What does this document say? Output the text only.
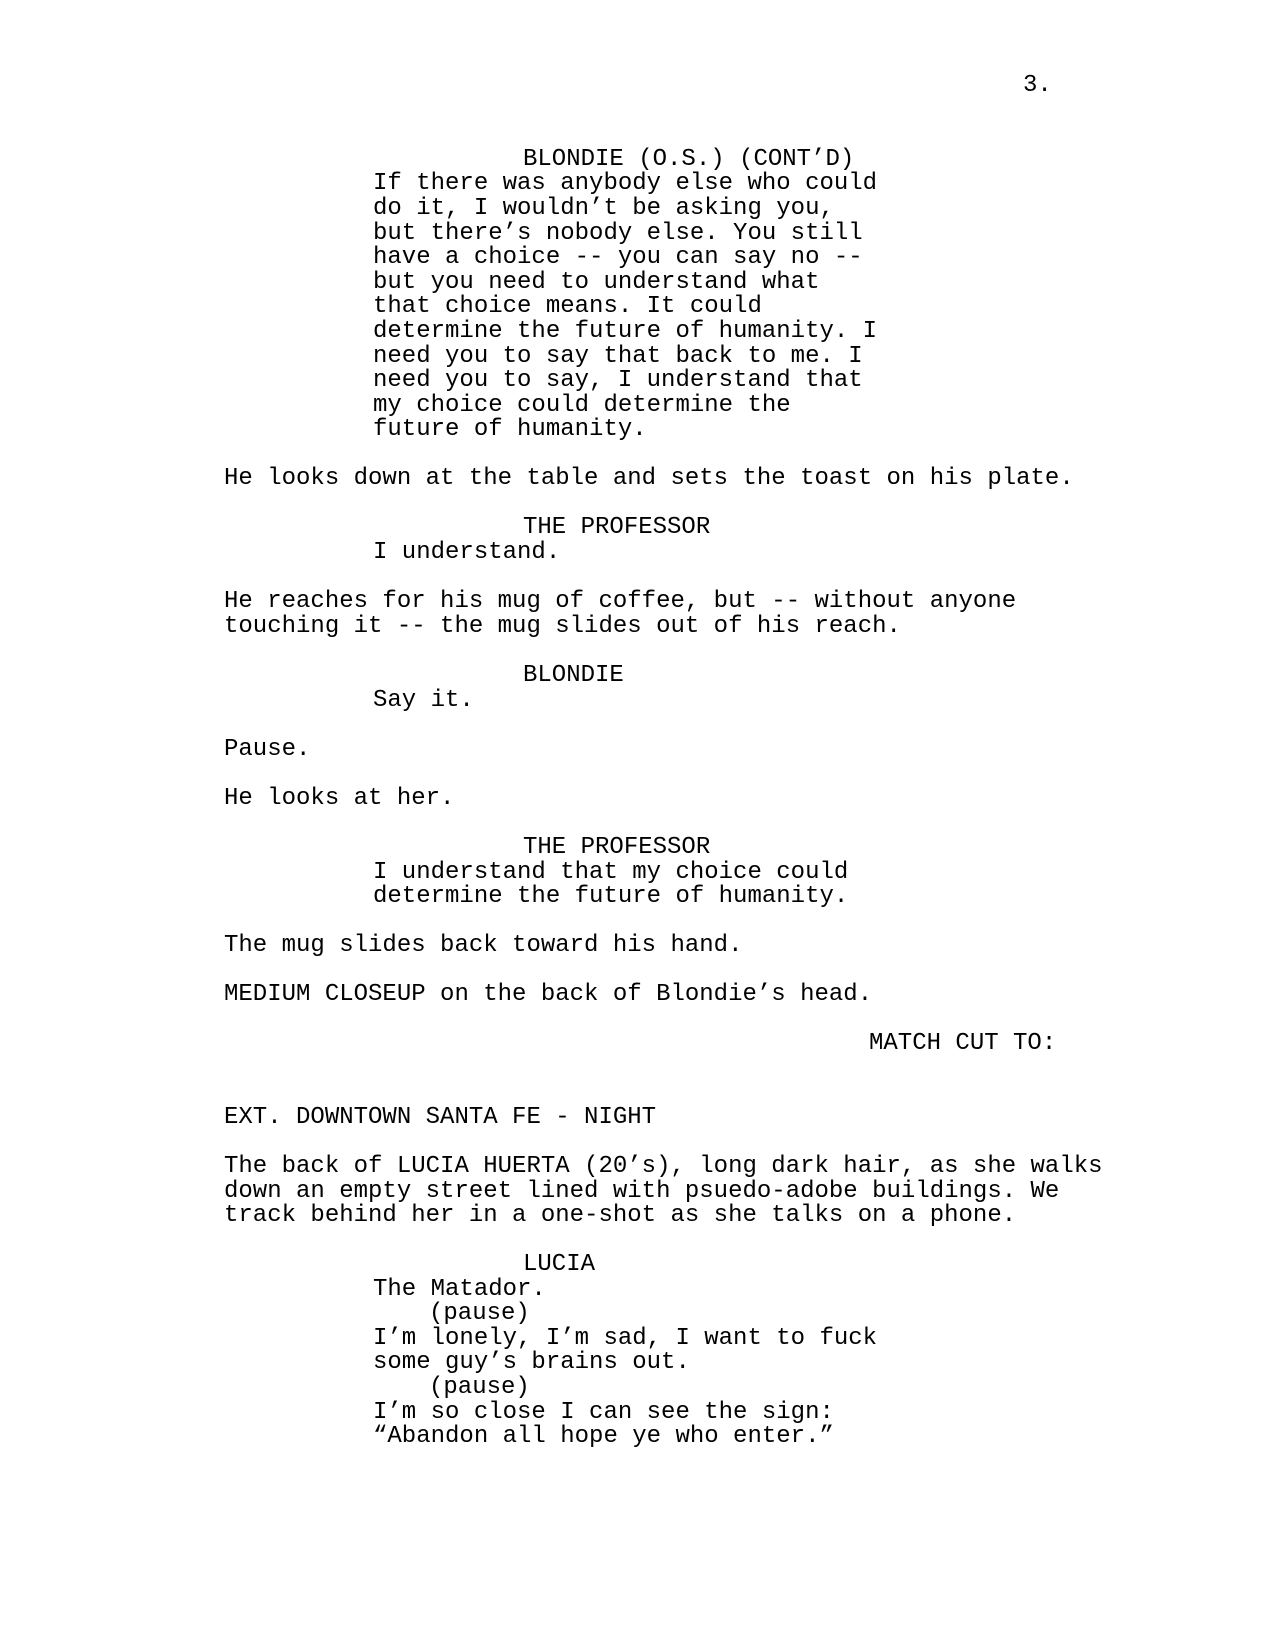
3.
BLONDIE (O.S.) (CONT’D)
If there was anybody else who could
do it, I wouldn’t be asking you,
but there’s nobody else. You still
have a choice -- you can say no --
but you need to understand what
that choice means. It could
determine the future of humanity. I
need you to say that back to me. I
need you to say, I understand that
my choice could determine the
future of humanity.
He looks down at the table and sets the toast on his plate.
THE PROFESSOR
I understand.
He reaches for his mug of coffee, but -- without anyone
touching it -- the mug slides out of his reach.
BLONDIE
Say it.
Pause.
He looks at her.
THE PROFESSOR
I understand that my choice could
determine the future of humanity.
The mug slides back toward his hand.
MEDIUM CLOSEUP on the back of Blondie’s head.
MATCH CUT TO:
EXT. DOWNTOWN SANTA FE - NIGHT
The back of LUCIA HUERTA (20’s), long dark hair, as she walks
down an empty street lined with psuedo-adobe buildings. We
track behind her in a one-shot as she talks on a phone.
LUCIA
The Matador.
(pause)
I’m lonely, I’m sad, I want to fuck
some guy’s brains out.
(pause)
I’m so close I can see the sign:
“Abandon all hope ye who enter.”
